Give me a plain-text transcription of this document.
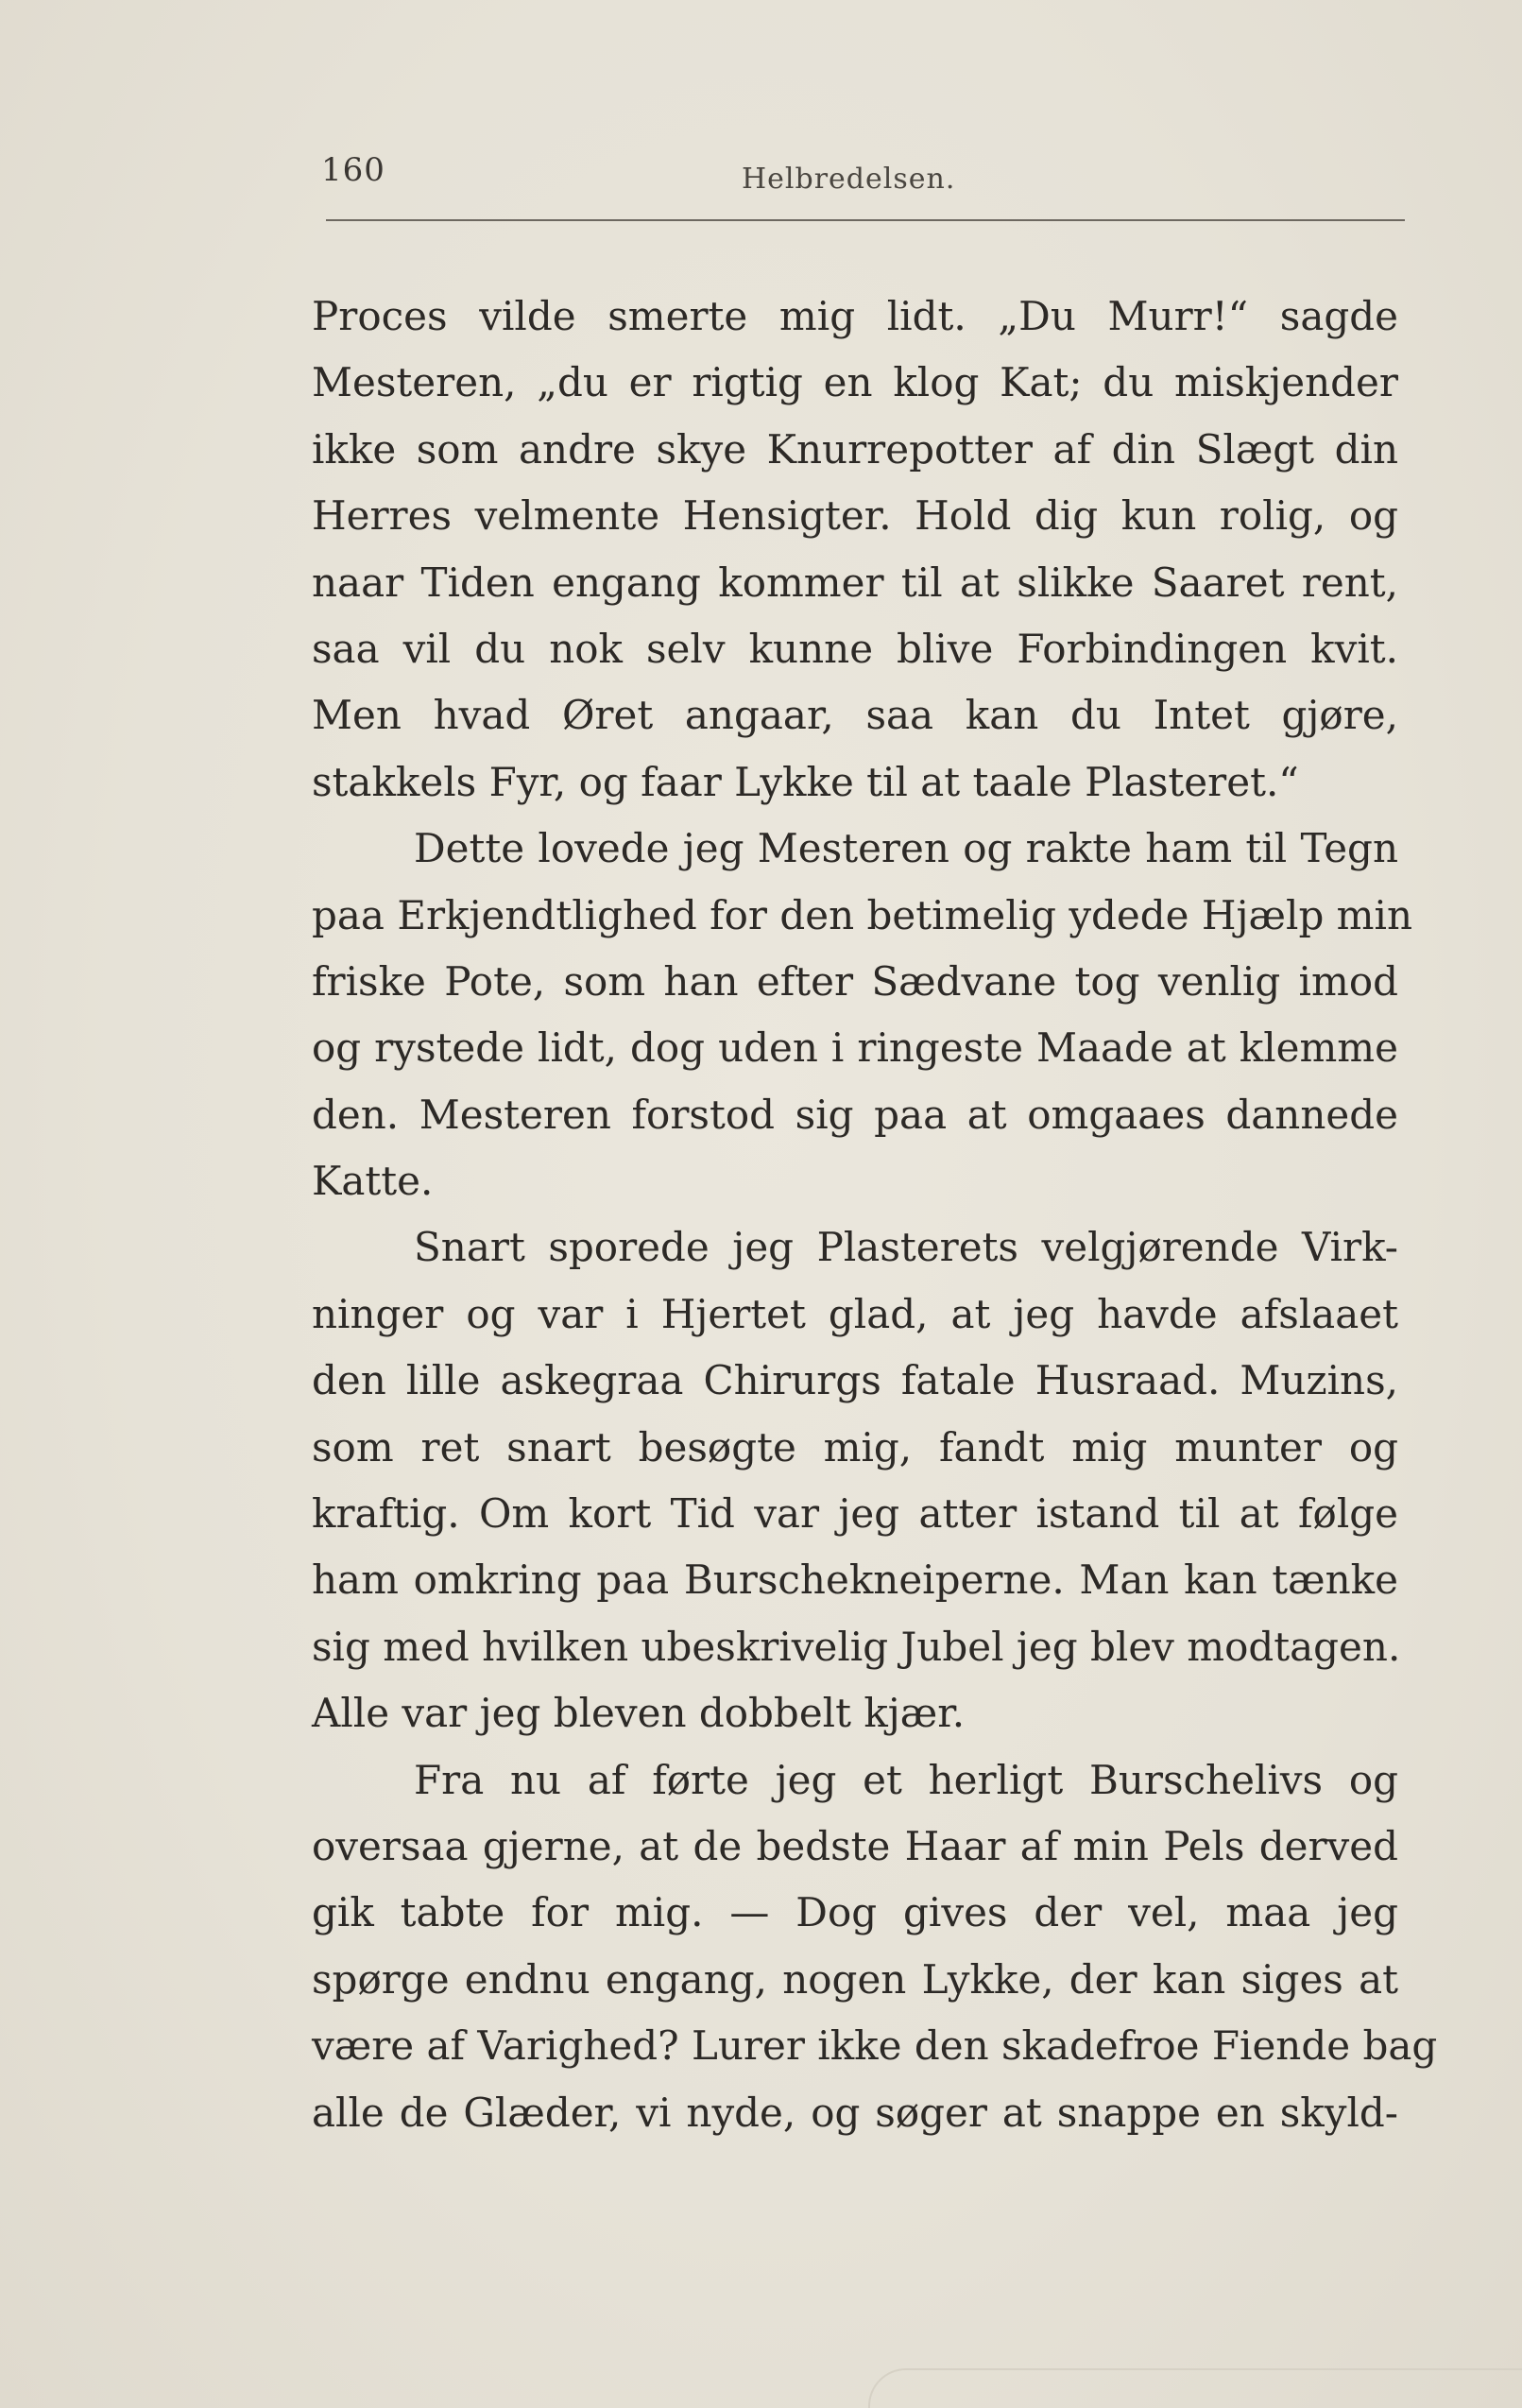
160	Helbredelsen.
Proces vilde smerte mig lidt. „Du Murr!“ sagde
Mesteren, „du er rigtig en klog Kat; du miskjender
ikke som andre skye Knurrepotter af din Slægt din
Herres velmente Hensigter. Hold dig kun rolig, og
naar Tiden engang kommer til at slikke Saaret rent,
saa vil du nok selv kunne blive Forbindingen kvit.
Men hvad Øret angaar, saa kan du Intet gjøre,
stakkels Fyr, og faar Lykke til at taale Plasteret.“
Dette lovede jeg Mesteren og rakte ham til Tegn
paa Erkjendtlighed for den betimelig ydede Hjælp min
friske Pote, som han efter Sædvane tog venlig imod
og rystede lidt, dog uden i ringeste Maade at klemme
den. Mesteren forstod sig paa at omgaaes dannede
Katte.
Snart sporede jeg Plasterets velgjørende Virk-
ninger og var i Hjertet glad, at jeg havde afslaaet
den lille askegraa Chirurgs fatale Husraad. Muzins,
som ret snart besøgte mig, fandt mig munter og
kraftig. Om kort Tid var jeg atter istand til at følge
ham omkring paa Burschekneiperne. Man kan tænke
sig med hvilken ubeskrivelig Jubel jeg blev modtagen.
Alle var jeg bleven dobbelt kjær.
Fra nu af førte jeg et herligt Burschelivs og
oversaa gjerne, at de bedste Haar af min Pels derved
gik tabte for mig. — Dog gives der vel, maa jeg
spørge endnu engang, nogen Lykke, der kan siges at
være af Varighed? Lurer ikke den skadefroe Fiende bag
alle de Glæder, vi nyde, og søger at snappe en skyld-
